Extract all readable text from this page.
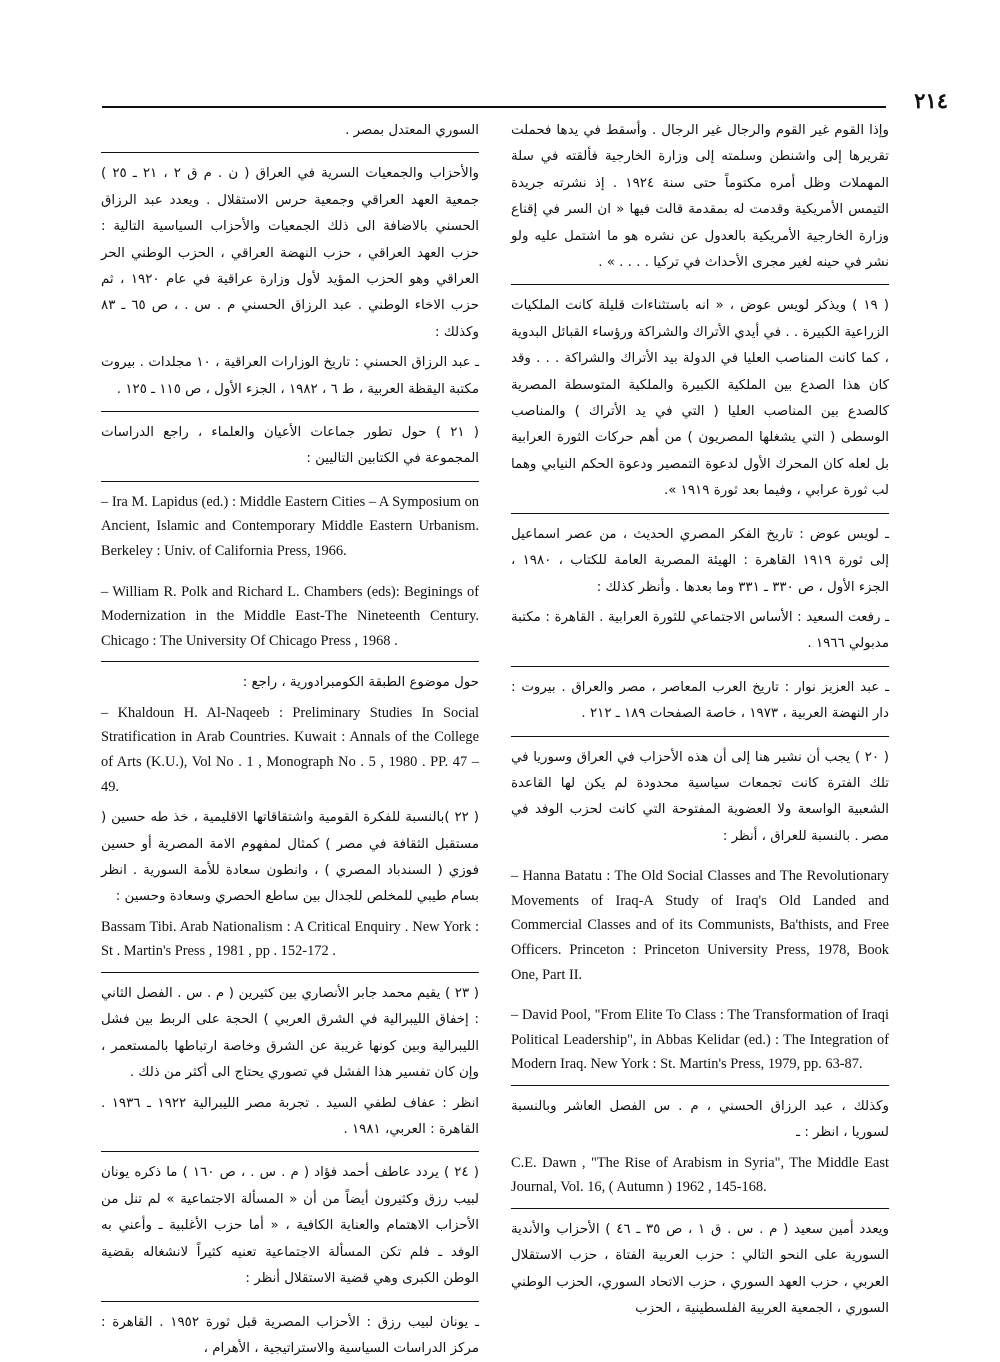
٢١٤

وإذا القوم غير القوم والرجال غير الرجال . وأسقط في يدها فحملت تقريرها إلى واشنطن وسلمته إلى وزارة الخارجية فألقته في سلة المهملات وظل أمره مكتوماً حتى سنة ١٩٢٤ . إذ نشرته جريدة التيمس الأمريكية وقدمت له بمقدمة قالت فيها « ان السر في إقناع وزارة الخارجية الأمريكية بالعدول عن نشره هو ما اشتمل عليه ولو نشر في حينه لغير مجرى الأحداث في تركيا . . . . » .

( ١٩ ) ويذكر لويس عوض ، « انه باستثناءات قليلة كانت الملكيات الزراعية الكبيرة . . في أيدي الأتراك والشراكة ورؤساء القبائل البدوية ، كما كانت المناصب العليا في الدولة بيد الأتراك والشراكة . . . وقد كان هذا الصدع بين الملكية الكبيرة والملكية المتوسطة المصرية كالصدع بين المناصب العليا ( التي في يد الأتراك ) والمناصب الوسطى ( التي يشغلها المصريون ) من أهم حركات الثورة العرابية بل لعله كان المحرك الأول لدعوة التمصير ودعوة الحكم النيابي وهما لب ثورة عرابي ، وفيما بعد ثورة ١٩١٩ ».

ـ لويس عوض : تاريخ الفكر المصري الحديث ، من عصر اسماعيل إلى ثورة ١٩١٩ القاهرة : الهيئة المصرية العامة للكتاب ، ١٩٨٠ ، الجزء الأول ، ص ٣٣٠ ـ ٣٣١ وما بعدها . وأنظر كذلك :

ـ رفعت السعيد : الأساس الاجتماعي للثورة العرابية . القاهرة : مكتبة مدبولي ١٩٦٦ .

ـ عبد العزيز نوار : تاريخ العرب المعاصر ، مصر والعراق . بيروت : دار النهضة العربية ، ١٩٧٣ ، خاصة الصفحات ١٨٩ ـ ٢١٢ .

( ٢٠ ) يجب أن نشير هنا إلى أن هذه الأحزاب في العراق وسوريا في تلك الفترة كانت تجمعات سياسية محدودة لم يكن لها القاعدة الشعبية الواسعة ولا العضوية المفتوحة التي كانت لحزب الوفد في مصر . بالنسبة للعراق ، أنظر :

– Hanna Batatu : The Old Social Classes and The Revolutionary Movements of Iraq-A Study of Iraq's Old Landed and Commercial Classes and of its Communists, Ba'thists, and Free Officers. Princeton : Princeton University Press, 1978, Book One, Part II.

– David Pool, "From Elite To Class : The Transformation of Iraqi Political Leadership", in Abbas Kelidar (ed.) : The Integration of Modern Iraq. New York : St. Martin's Press, 1979, pp. 63-87.

وكذلك ، عبد الرزاق الحسني ، م . س الفصل العاشر وبالنسبة لسوريا ، انظر : ـ

C.E. Dawn , "The Rise of Arabism in Syria", The Middle East Journal, Vol. 16, ( Autumn ) 1962 , 145-168.

ويعدد أمين سعيد ( م . س . ق ١ ، ص ٣٥ ـ ٤٦ ) الأحزاب والأندية السورية على النحو التالي : حزب العربية الفتاة ، حزب الاستقلال العربي ، حزب العهد السوري ، حزب الاتحاد السوري، الحزب الوطني السوري ، الجمعية العربية الفلسطينية ، الحزب

السوري المعتدل بمصر .

والأحزاب والجمعيات السرية في العراق ( ن . م ق ٢ ، ٢١ ـ ٢٥ ) جمعية العهد العراقي وجمعية حرس الاستقلال . ويعدد عبد الرزاق الحسني بالاضافة الى ذلك الجمعيات والأحزاب السياسية التالية : حزب العهد العراقي ، حزب النهضة العراقي ، الحزب الوطني الحر العراقي وهو الحزب المؤيد لأول وزارة عراقية في عام ١٩٢٠ ، ثم حزب الاخاء الوطني . عبد الرزاق الحسني م . س . ، ص ٦٥ ـ ٨٣ وكذلك :

ـ عبد الرزاق الحسني : تاريخ الوزارات العراقية ، ١٠ مجلدات . بيروت مكتبة اليقظة العربية ، ط ٦ ، ١٩٨٢ ، الجزء الأول ، ص ١١٥ ـ ١٢٥ .

( ٢١ ) حول تطور جماعات الأعيان والعلماء ، راجع الدراسات المجموعة في الكتابين التاليين :

– Ira M. Lapidus (ed.) : Middle Eastern Cities – A Symposium on Ancient, Islamic and Contemporary Middle Eastern Urbanism. Berkeley : Univ. of California Press, 1966.

– William R. Polk and Richard L. Chambers (eds): Beginings of Modernization in the Middle East-The Nineteenth Century. Chicago : The University Of Chicago Press , 1968 .

حول موضوع الطبقة الكومبرادورية ، راجع :

– Khaldoun H. Al-Naqeeb : Preliminary Studies In Social Stratification in Arab Countries. Kuwait : Annals of the College of Arts (K.U.), Vol No . 1 , Monograph No . 5 , 1980 . PP. 47 – 49.

( ٢٢ )بالنسبة للفكرة القومية واشتقاقاتها الاقليمية ، خذ طه حسين ( مستقبل الثقافة في مصر ) كمثال لمفهوم الامة المصرية أو حسين فوزي ( السندباد المصري ) ، وانطون سعادة للأمة السورية . انظر بسام طيبي للمخلص للجدال بين ساطع الحصري وسعادة وحسين :

Bassam Tibi. Arab Nationalism : A Critical Enquiry . New York : St . Martin's Press , 1981 , pp . 152-172 .

( ٢٣ ) يقيم محمد جابر الأنصاري بين كثيرين ( م . س . الفصل الثاني : إخفاق الليبرالية في الشرق العربي ) الحجة على الربط بين فشل الليبرالية وبين كونها غريبة عن الشرق وخاصة ارتباطها بالمستعمر ، وإن كان تفسير هذا الفشل في تصوري يحتاج الى أكثر من ذلك .

انظر : عفاف لطفي السيد . تجربة مصر الليبرالية ١٩٢٢ ـ ١٩٣٦ . القاهرة : العربي، ١٩٨١ .

( ٢٤ ) يردد عاطف أحمد فؤاد ( م . س . ، ص ١٦٠ ) ما ذكره يونان لبيب رزق وكثيرون أيضاً من أن « المسألة الاجتماعية » لم تنل من الأحزاب الاهتمام والعناية الكافية ، « أما حزب الأغلبية ـ وأعني به الوفد ـ فلم تكن المسألة الاجتماعية تعنيه كثيراً لانشغاله بقضية الوطن الكبرى وهي قضية الاستقلال أنظر :

ـ يونان لبيب رزق : الأحزاب المصرية قبل ثورة ١٩٥٢ . القاهرة : مركز الدراسات السياسية والاستراتيجية ، الأهرام ،
